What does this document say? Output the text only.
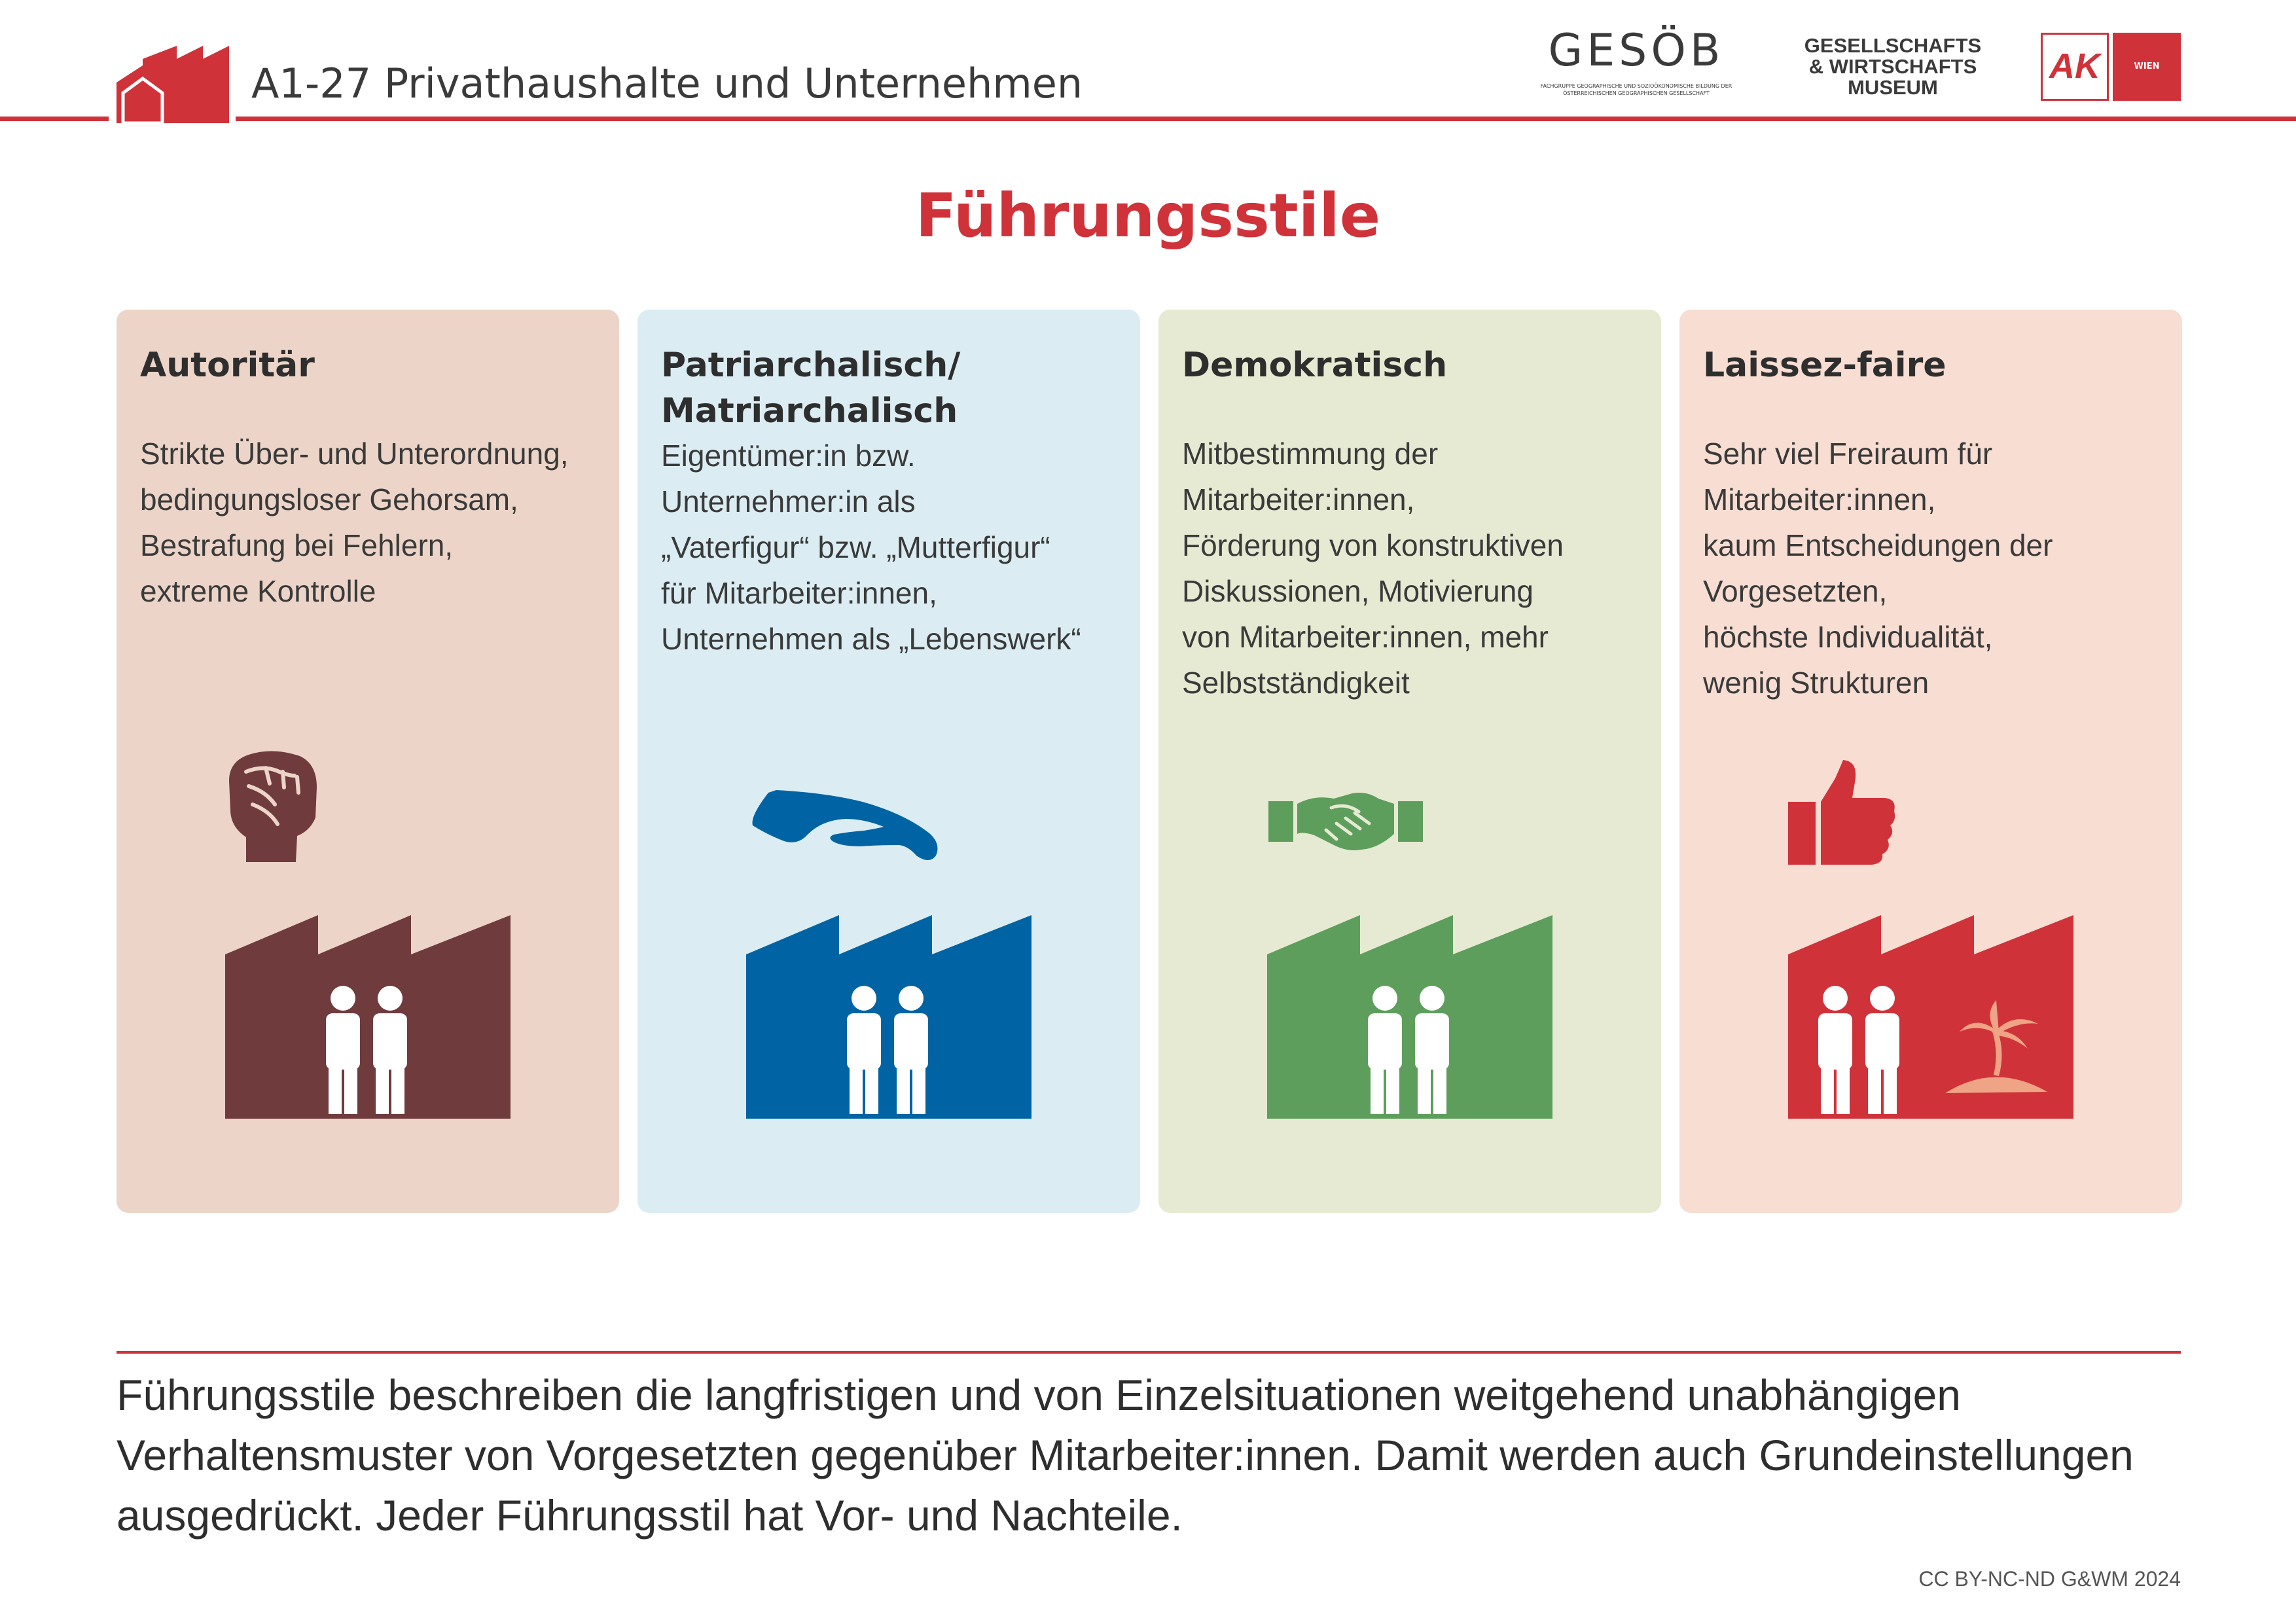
A1-27 Privathaushalte und Unternehmen
GESÖB
FACHGRUPPE GEOGRAPHISCHE UND SOZIOÖKONOMISCHE BILDUNG DER ÖSTERREICHISCHEN GEOGRAPHISCHEN GESELLSCHAFT
GESELLSCHAFTS
& WIRTSCHAFTS
MUSEUM
AK	WIEN
Führungsstile
Autoritär
Strikte Über- und Unterordnung,
bedingungsloser Gehorsam,
Bestrafung bei Fehlern,
extreme Kontrolle
Patriarchalisch/
Matriarchalisch
Eigentümer:in bzw.
Unternehmer:in als
„Vaterfigur“ bzw. „Mutterfigur“
für Mitarbeiter:innen,
Unternehmen als „Lebenswerk“
Demokratisch
Mitbestimmung der
Mitarbeiter:innen,
Förderung von konstruktiven
Diskussionen, Motivierung
von Mitarbeiter:innen, mehr
Selbstständigkeit
Laissez-faire
Sehr viel Freiraum für
Mitarbeiter:innen,
kaum Entscheidungen der
Vorgesetzten,
höchste Individualität,
wenig Strukturen
Führungsstile beschreiben die langfristigen und von Einzelsituationen weitgehend unabhängigen Verhaltensmuster von Vorgesetzten gegenüber Mitarbeiter:innen. Damit werden auch Grundeinstellungen ausgedrückt. Jeder Führungsstil hat Vor- und Nachteile.
CC BY-NC-ND G&WM 2024
